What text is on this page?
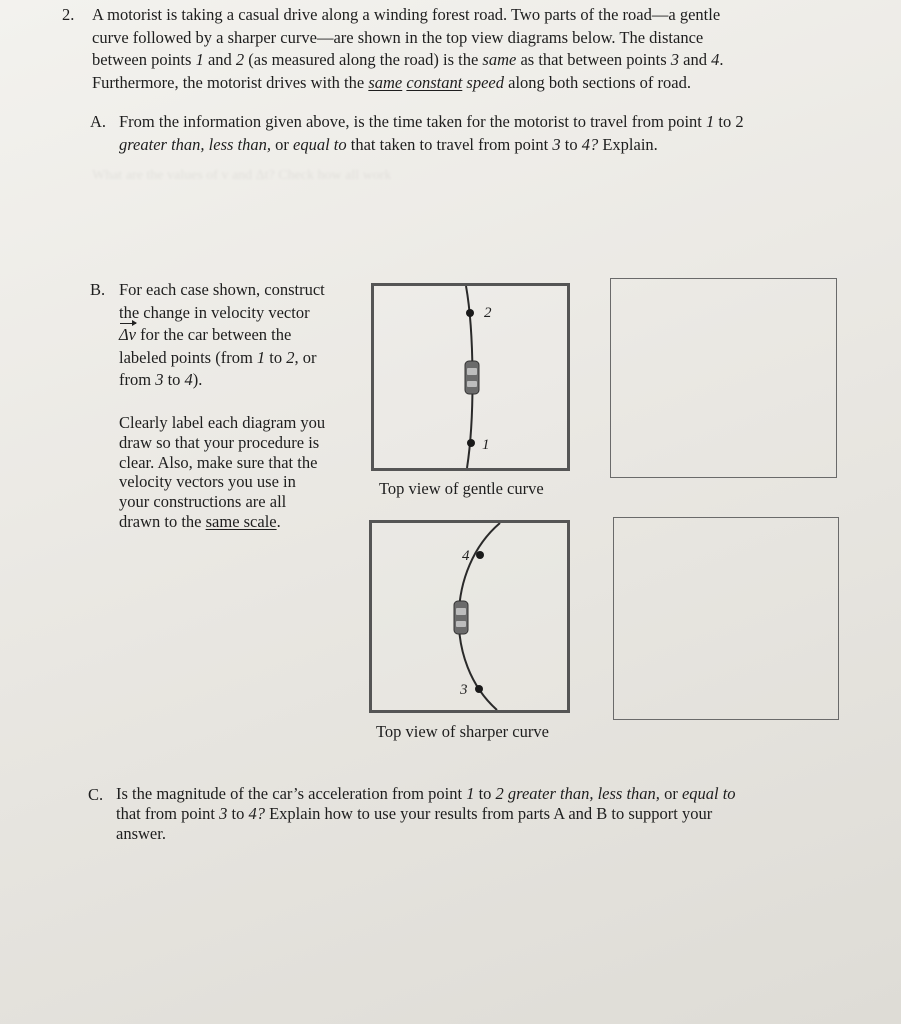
2. A motorist is taking a casual drive along a winding forest road. Two parts of the road—a gentle
curve followed by a sharper curve—are shown in the top view diagrams below. The distance
between points 1 and 2 (as measured along the road) is the same as that between points 3 and 4.
Furthermore, the motorist drives with the same constant speed along both sections of road.
A. From the information given above, is the time taken for the motorist to travel from point 1 to 2
greater than, less than, or equal to that taken to travel from point 3 to 4? Explain.
What are the values of v and Δt? Check how all work
B. For each case shown, construct
the change in velocity vector
Δv for the car between the
labeled points (from 1 to 2, or
from 3 to 4).
Clearly label each diagram you
draw so that your procedure is
clear. Also, make sure that the
velocity vectors you use in
your constructions are all
drawn to the same scale.
2
1
Top view of gentle curve
4
3
Top view of sharper curve
C. Is the magnitude of the car’s acceleration from point 1 to 2 greater than, less than, or equal to
that from point 3 to 4? Explain how to use your results from parts A and B to support your
answer.
